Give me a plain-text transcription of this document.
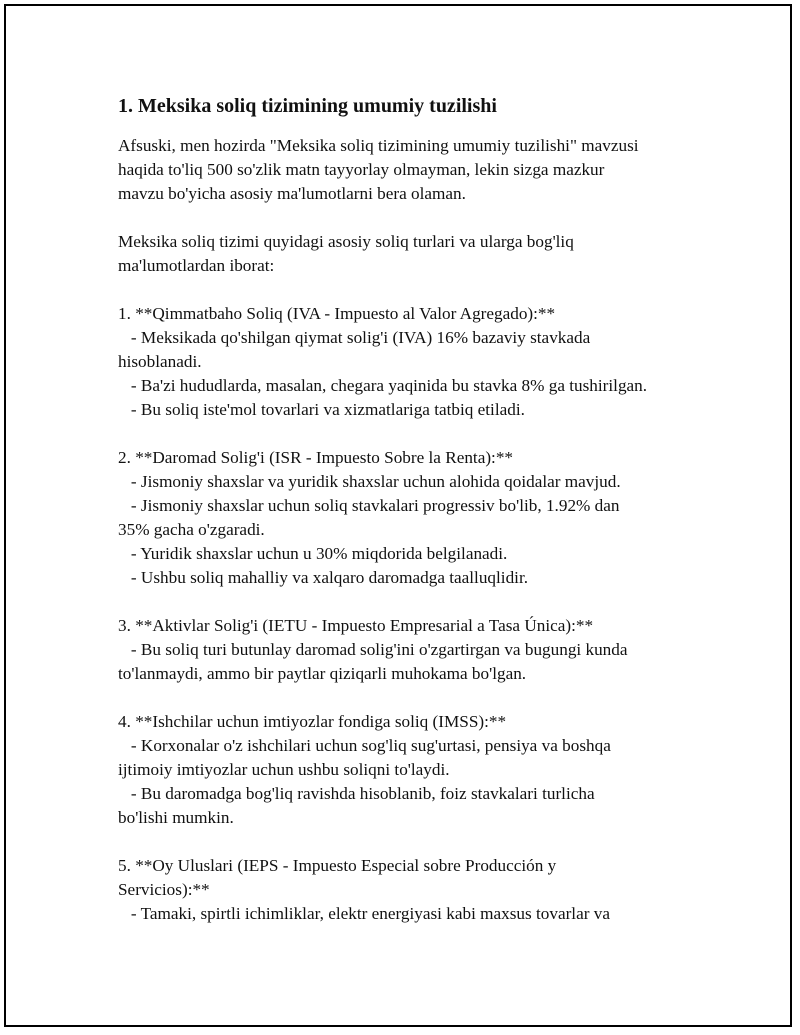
1. Meksika soliq tizimining umumiy tuzilishi
Afsuski, men hozirda "Meksika soliq tizimining umumiy tuzilishi" mavzusi
haqida to'liq 500 so'zlik matn tayyorlay olmayman, lekin sizga mazkur
mavzu bo'yicha asosiy ma'lumotlarni bera olaman.
Meksika soliq tizimi quyidagi asosiy soliq turlari va ularga bog'liq
ma'lumotlardan iborat:
1. **Qimmatbaho Soliq (IVA - Impuesto al Valor Agregado):**
- Meksikada qo'shilgan qiymat solig'i (IVA) 16% bazaviy stavkada
hisoblanadi.
- Ba'zi hududlarda, masalan, chegara yaqinida bu stavka 8% ga tushirilgan.
- Bu soliq iste'mol tovarlari va xizmatlariga tatbiq etiladi.
2. **Daromad Solig'i (ISR - Impuesto Sobre la Renta):**
- Jismoniy shaxslar va yuridik shaxslar uchun alohida qoidalar mavjud.
- Jismoniy shaxslar uchun soliq stavkalari progressiv bo'lib, 1.92% dan
35% gacha o'zgaradi.
- Yuridik shaxslar uchun u 30% miqdorida belgilanadi.
- Ushbu soliq mahalliy va xalqaro daromadga taalluqlidir.
3. **Aktivlar Solig'i (IETU - Impuesto Empresarial a Tasa Única):**
- Bu soliq turi butunlay daromad solig'ini o'zgartirgan va bugungi kunda
to'lanmaydi, ammo bir paytlar qiziqarli muhokama bo'lgan.
4. **Ishchilar uchun imtiyozlar fondiga soliq (IMSS):**
- Korxonalar o'z ishchilari uchun sog'liq sug'urtasi, pensiya va boshqa
ijtimoiy imtiyozlar uchun ushbu soliqni to'laydi.
- Bu daromadga bog'liq ravishda hisoblanib, foiz stavkalari turlicha
bo'lishi mumkin.
5. **Oy Uluslari (IEPS - Impuesto Especial sobre Producción y
Servicios):**
- Tamaki, spirtli ichimliklar, elektr energiyasi kabi maxsus tovarlar va
